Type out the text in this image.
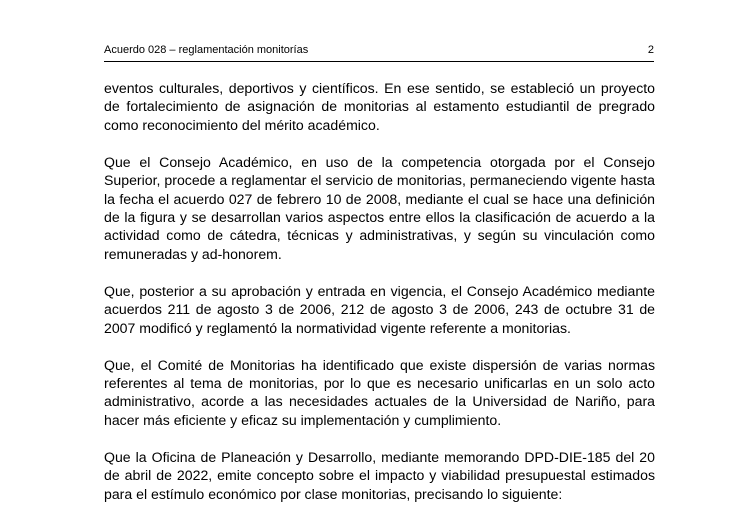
Acuerdo 028 – reglamentación monitorías	2

eventos culturales, deportivos y científicos. En ese sentido, se estableció un proyecto de fortalecimiento de asignación de monitorias al estamento estudiantil de pregrado como reconocimiento del mérito académico.

Que el Consejo Académico, en uso de la competencia otorgada por el Consejo Superior, procede a reglamentar el servicio de monitorias, permaneciendo vigente hasta la fecha el acuerdo 027 de febrero 10 de 2008, mediante el cual se hace una definición de la figura y se desarrollan varios aspectos entre ellos la clasificación de acuerdo a la actividad como de cátedra, técnicas y administrativas, y según su vinculación como remuneradas y ad-honorem.

Que, posterior a su aprobación y entrada en vigencia, el Consejo Académico mediante acuerdos 211 de agosto 3 de 2006, 212 de agosto 3 de 2006, 243 de octubre 31 de 2007 modificó y reglamentó la normatividad vigente referente a monitorias.

Que, el Comité de Monitorias ha identificado que existe dispersión de varias normas referentes al tema de monitorias, por lo que es necesario unificarlas en un solo acto administrativo, acorde a las necesidades actuales de la Universidad de Nariño, para hacer más eficiente y eficaz su implementación y cumplimiento.

Que la Oficina de Planeación y Desarrollo, mediante memorando DPD-DIE-185 del 20 de abril de 2022, emite concepto sobre el impacto y viabilidad presupuestal estimados para el estímulo económico por clase monitorias, precisando lo siguiente:
